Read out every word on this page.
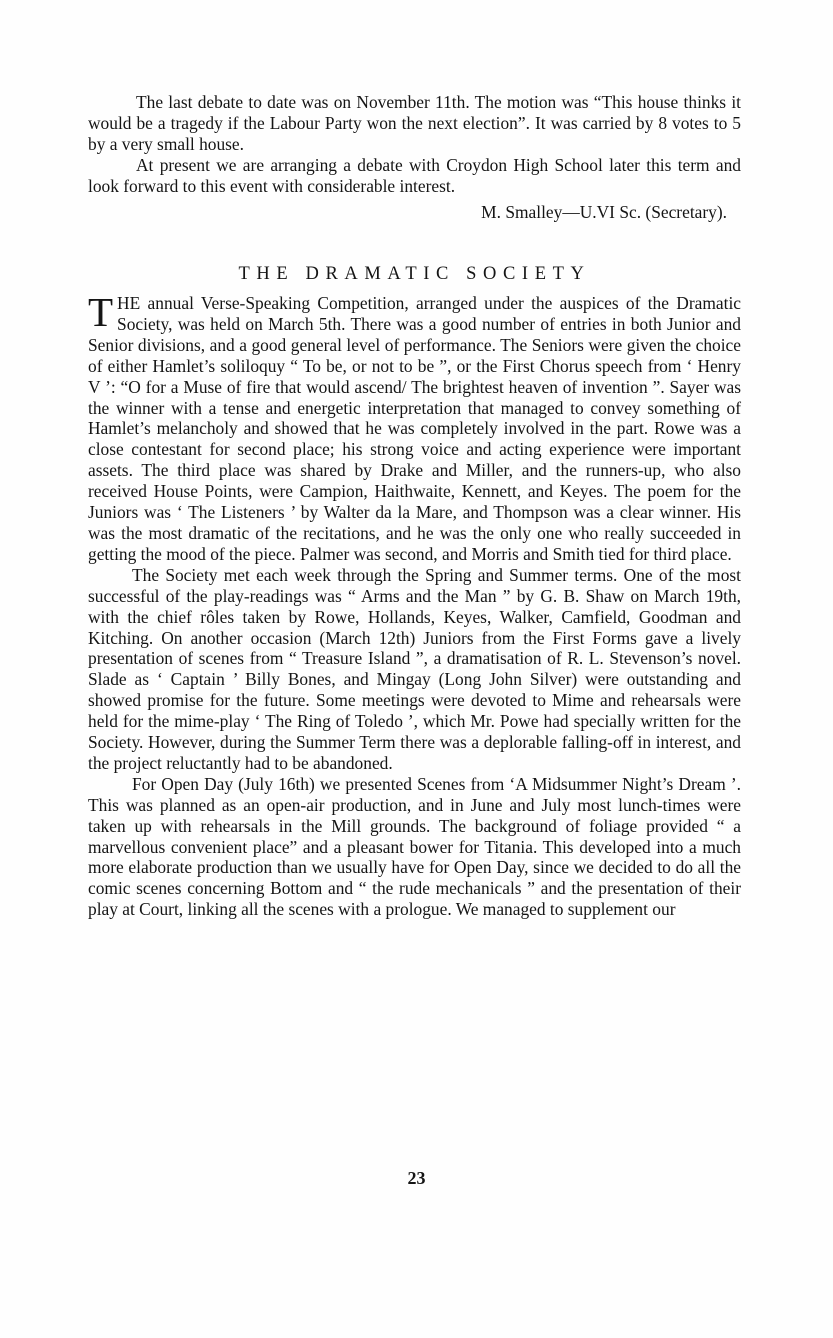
The last debate to date was on November 11th. The motion was “This house thinks it would be a tragedy if the Labour Party won the next election”. It was carried by 8 votes to 5 by a very small house.

At present we are arranging a debate with Croydon High School later this term and look forward to this event with considerable interest.

M. Smalley—U.VI Sc. (Secretary).
THE DRAMATIC SOCIETY

THE annual Verse-Speaking Competition, arranged under the auspices of the Dramatic Society, was held on March 5th. There was a good number of entries in both Junior and Senior divisions, and a good general level of performance. The Seniors were given the choice of either Hamlet’s soliloquy “ To be, or not to be ”, or the First Chorus speech from ‘ Henry V ’: “O for a Muse of fire that would ascend/ The brightest heaven of invention ”. Sayer was the winner with a tense and energetic interpretation that managed to convey something of Hamlet’s melancholy and showed that he was completely involved in the part. Rowe was a close contestant for second place; his strong voice and acting experience were important assets. The third place was shared by Drake and Miller, and the runners-up, who also received House Points, were Campion, Haithwaite, Kennett, and Keyes. The poem for the Juniors was ‘ The Listeners ’ by Walter da la Mare, and Thompson was a clear winner. His was the most dramatic of the recitations, and he was the only one who really succeeded in getting the mood of the piece. Palmer was second, and Morris and Smith tied for third place.

The Society met each week through the Spring and Summer terms. One of the most successful of the play-readings was “ Arms and the Man ” by G. B. Shaw on March 19th, with the chief rôles taken by Rowe, Hollands, Keyes, Walker, Camfield, Goodman and Kitching. On another occasion (March 12th) Juniors from the First Forms gave a lively presentation of scenes from “ Treasure Island ”, a dramatisation of R. L. Stevenson’s novel. Slade as ‘ Captain ’ Billy Bones, and Mingay (Long John Silver) were outstanding and showed promise for the future. Some meetings were devoted to Mime and rehearsals were held for the mime-play ‘ The Ring of Toledo ’, which Mr. Powe had specially written for the Society. However, during the Summer Term there was a deplorable falling-off in interest, and the project reluctantly had to be abandoned.

For Open Day (July 16th) we presented Scenes from ‘A Midsummer Night’s Dream ’. This was planned as an open-air production, and in June and July most lunch-times were taken up with rehearsals in the Mill grounds. The background of foliage provided “ a marvellous convenient place” and a pleasant bower for Titania. This developed into a much more elaborate production than we usually have for Open Day, since we decided to do all the comic scenes concerning Bottom and “ the rude mechanicals ” and the presentation of their play at Court, linking all the scenes with a prologue. We managed to supplement our

23
